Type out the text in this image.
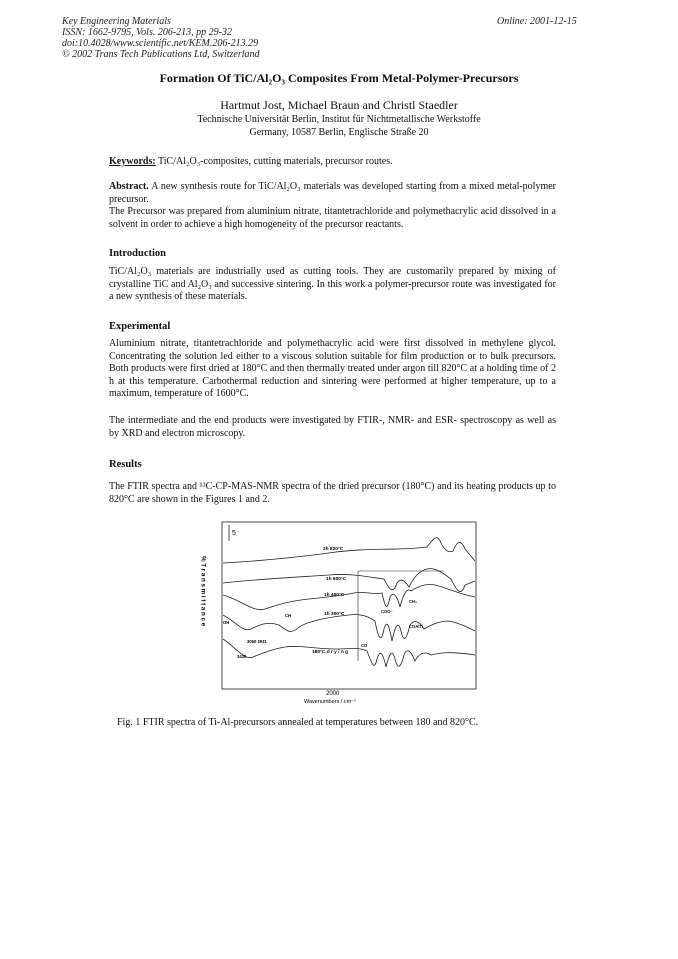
Key Engineering Materials
ISSN: 1662-9795, Vols. 206-213, pp 29-32
doi:10.4028/www.scientific.net/KEM.206-213.29
© 2002 Trans Tech Publications Ltd, Switzerland
Online: 2001-12-15
Formation Of TiC/Al₂O₃ Composites From Metal-Polymer-Precursors
Hartmut Jost, Michael Braun and Christl Staedler
Technische Universität Berlin, Institut für Nichtmetallische Werkstoffe
Germany, 10587 Berlin, Englische Straße 20
Keywords: TiC/Al₂O₃-composites, cutting materials, precursor routes.

Abstract. A new synthesis route for TiC/Al₂O₃ materials was developed starting from a mixed metal-polymer precursor.

The Precursor was prepared from aluminium nitrate, titantetrachloride and polymethacrylic acid dissolved in a solvent in order to achieve a high homogeneity of the precursor reactants.

Introduction
TiC/Al₂O₃ materials are industrially used as cutting tools. They are customarily prepared by mixing of crystalline TiC and Al₂O₃ and successive sintering. In this work a polymer-precursor route was investigated for a new synthesis of these materials.
Experimental
Aluminium nitrate, titantetrachloride and polymethacrylic acid were first dissolved in methylene glycol. Concentrating the solution led either to a viscous solution suitable for film production or to bulk precursors. Both products were first dried at 180°C and then thermally treated under argon till 820°C at a holding time of 2 h at this temperature. Carbothermal reduction and sintering were performed at higher temperature, up to a maximum, temperature of 1600°C.
The intermediate and the end products were investigated by FTIR-, NMR- and ESR- spectroscopy as well as by XRD and electron microscopy.
Results
The FTIR spectra and ¹³C-CP-MAS-NMR spectra of the dried precursor (180°C) and its heating products up to 820°C are shown in the Figures 1 and 2.
5
% T r a n s m i t t a n c e
2h 820°C
1h 600°C
1h 450°C
1h 300°C
180°C,d r y i n g
CH
OH
3060 2931
3430
CO
COO⁻
CH₃
COAlTi
2000
Wavenumbers / cm⁻¹
Fig. 1 FTIR spectra of Ti-Al-precursors annealed at temperatures between 180 and 820°C.
